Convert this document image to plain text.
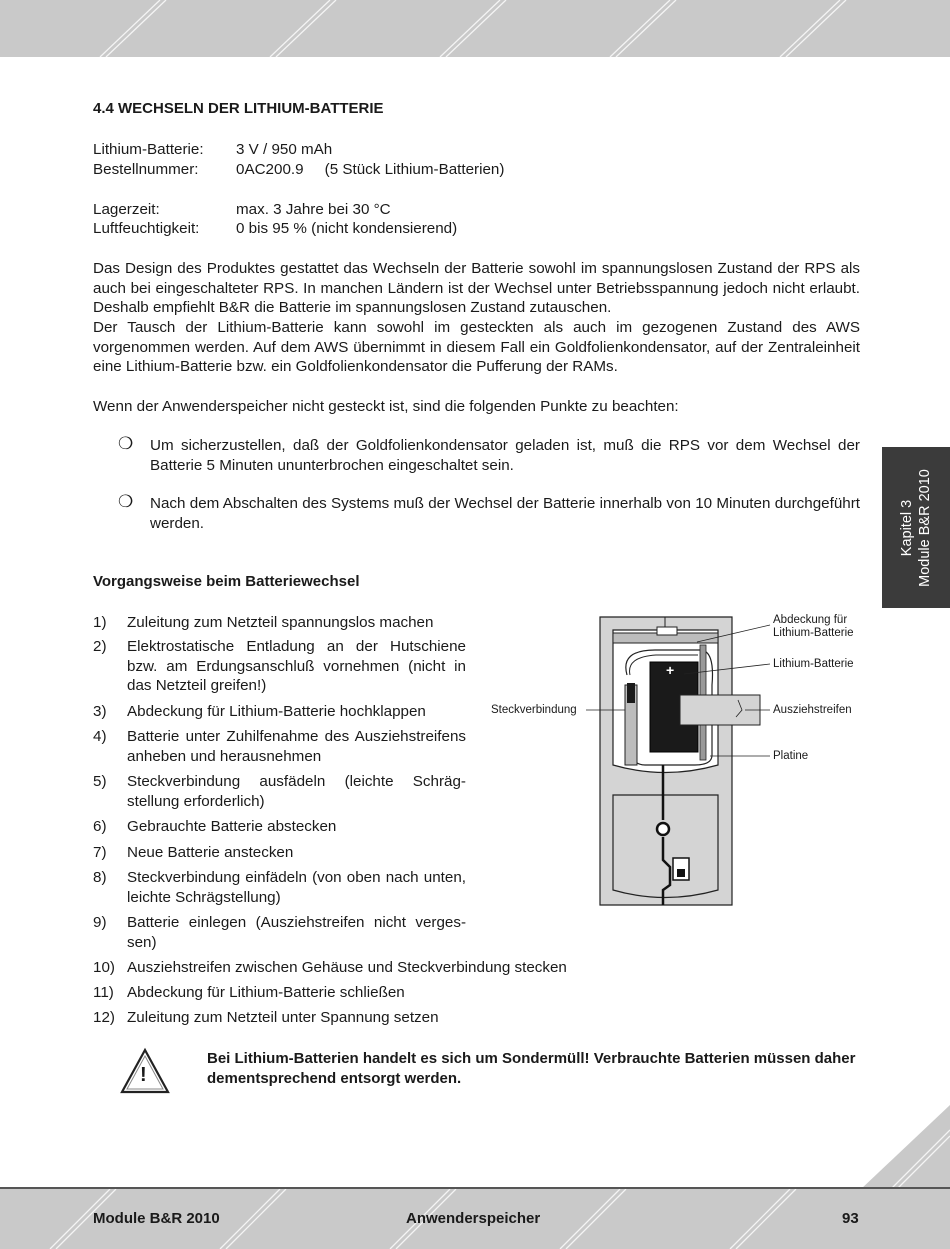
4.4 WECHSELN DER LITHIUM-BATTERIE
Lithium-Batterie: 3 V / 950 mAh
Bestellnummer: 0AC200.9     (5 Stück Lithium-Batterien)
Lagerzeit:	max. 3 Jahre bei 30 °C
Luftfeuchtigkeit: 0 bis 95 % (nicht kondensierend)
Das Design des Produktes gestattet das Wechseln der Batterie sowohl im spannungslosen Zustand der RPS als auch bei eingeschalteter RPS. In manchen Ländern ist der Wechsel unter Betriebsspannung jedoch nicht erlaubt. Deshalb empfiehlt B&R die Batterie im spannungslosen Zustand zutauschen.
Der Tausch der Lithium-Batterie kann sowohl im gesteckten als auch im gezogenen Zustand des AWS vorgenommen werden. Auf dem AWS übernimmt in diesem Fall ein Goldfolienkondensator, auf der Zentraleinheit eine Lithium-Batterie bzw. ein Goldfolienkondensator die Pufferung der RAMs.
Wenn der Anwenderspeicher nicht gesteckt ist, sind die folgenden Punkte zu beachten:
❍ Um sicherzustellen, daß der Goldfolienkondensator geladen ist, muß die RPS vor dem Wechsel der Batterie 5 Minuten ununterbrochen eingeschaltet sein.
❍ Nach dem Abschalten des Systems muß der Wechsel der Batterie innerhalb von 10 Minuten durchgeführt werden.	Kapitel 3 Module B&R 2010
Vorgangsweise beim Batteriewechsel
1) Zuleitung zum Netzteil spannungslos machen
2) Elektrostatische Entladung an der Hutschiene bzw. am Erdungsanschluß vornehmen (nicht in das Netzteil greifen!)
3) Abdeckung für Lithium-Batterie hochklappen
4) Batterie unter Zuhilfenahme des Ausziehstreifens anheben und herausnehmen
5) Steckverbindung ausfädeln (leichte Schräg-stellung erforderlich)
6) Gebrauchte Batterie abstecken
7) Neue Batterie anstecken
8) Steckverbindung einfädeln (von oben nach unten, leichte Schrägstellung)
9) Batterie einlegen (Ausziehstreifen nicht verges-sen)
10) Ausziehstreifen zwischen Gehäuse und Steckverbindung stecken
11) Abdeckung für Lithium-Batterie schließen
12) Zuleitung zum Netzteil unter Spannung setzen
+
Abdeckung für Lithium-Batterie
Lithium-Batterie
Steckverbindung	Ausziehstreifen
Platine
!
Bei Lithium-Batterien handelt es sich um Sondermüll! Verbrauchte Batterien müssen daher dementsprechend entsorgt werden.
Module B&R 2010	Anwenderspeicher	93
